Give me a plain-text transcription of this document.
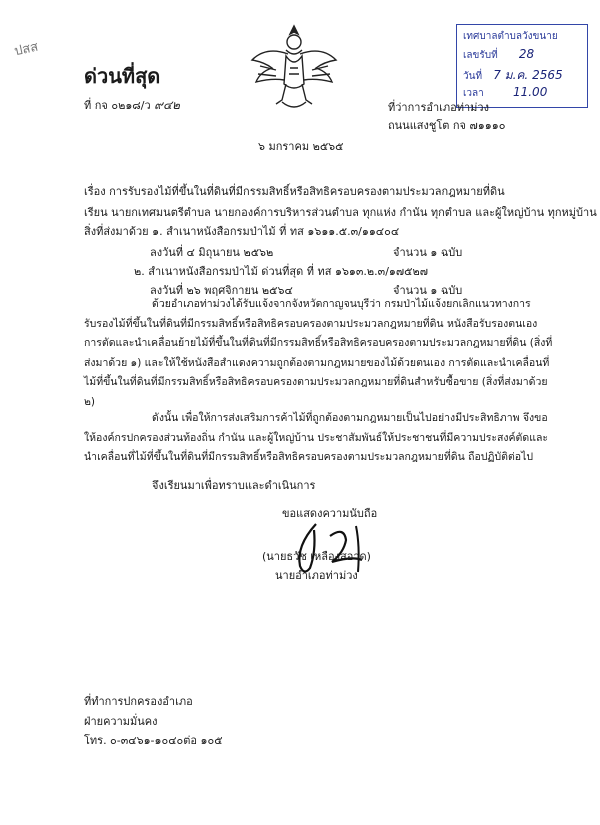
ปสส
ด่วนที่สุด
ที่ กจ ๐๒๑๘/ว ๙๔๒
เทศบาลตำบลวังขนาย
เลขรับที่ 28
วันที่ 7 ม.ค. 2565
เวลา 11.00
ที่ว่าการอำเภอท่าม่วง
ถนนแสงชูโต กจ ๗๑๑๑๐
๖ มกราคม ๒๕๖๕
เรื่อง การรับรองไม้ที่ขึ้นในที่ดินที่มีกรรมสิทธิ์หรือสิทธิครอบครองตามประมวลกฎหมายที่ดิน
เรียน นายกเทศมนตรีตำบล นายกองค์การบริหารส่วนตำบล ทุกแห่ง กำนัน ทุกตำบล และผู้ใหญ่บ้าน ทุกหมู่บ้าน
สิ่งที่ส่งมาด้วย ๑. สำเนาหนังสือกรมป่าไม้ ที่ ทส ๑๖๑๑.๕.๓/๑๑๔๐๔
ลงวันที่ ๔ มิถุนายน ๒๕๖๒	จำนวน ๑ ฉบับ
๒. สำเนาหนังสือกรมป่าไม้ ด่วนที่สุด ที่ ทส ๑๖๑๓.๒.๓/๑๗๕๒๗
ลงวันที่ ๒๖ พฤศจิกายน ๒๕๖๔	จำนวน ๑ ฉบับ
ด้วยอำเภอท่าม่วงได้รับแจ้งจากจังหวัดกาญจนบุรีว่า กรมป่าไม้แจ้งยกเลิกแนวทางการรับรองไม้ที่ขึ้นในที่ดินที่มีกรรมสิทธิ์หรือสิทธิครอบครองตามประมวลกฎหมายที่ดิน หนังสือรับรองตนเอง การตัดและนำเคลื่อนย้ายไม้ที่ขึ้นในที่ดินที่มีกรรมสิทธิ์หรือสิทธิครอบครองตามประมวลกฎหมายที่ดิน (สิ่งที่ส่งมาด้วย ๑) และให้ใช้หนังสือสำแดงความถูกต้องตามกฎหมายของไม้ด้วยตนเอง การตัดและนำเคลื่อนที่ไม้ที่ขึ้นในที่ดินที่มีกรรมสิทธิ์หรือสิทธิครอบครองตามประมวลกฎหมายที่ดินสำหรับซื้อขาย (สิ่งที่ส่งมาด้วย ๒)
ดังนั้น เพื่อให้การส่งเสริมการค้าไม้ที่ถูกต้องตามกฎหมายเป็นไปอย่างมีประสิทธิภาพ จึงขอให้องค์กรปกครองส่วนท้องถิ่น กำนัน และผู้ใหญ่บ้าน ประชาสัมพันธ์ให้ประชาชนที่มีความประสงค์ตัดและนำเคลื่อนที่ไม้ที่ขึ้นในที่ดินที่มีกรรมสิทธิ์หรือสิทธิครอบครองตามประมวลกฎหมายที่ดิน ถือปฏิบัติต่อไป
จึงเรียนมาเพื่อทราบและดำเนินการ
ขอแสดงความนับถือ
(นายธวัช เหลืองสอาด)
นายอำเภอท่าม่วง
ที่ทำการปกครองอำเภอ
ฝ่ายความมั่นคง
โทร. ๐-๓๔๖๑-๑๐๔๐ต่อ ๑๐๕
